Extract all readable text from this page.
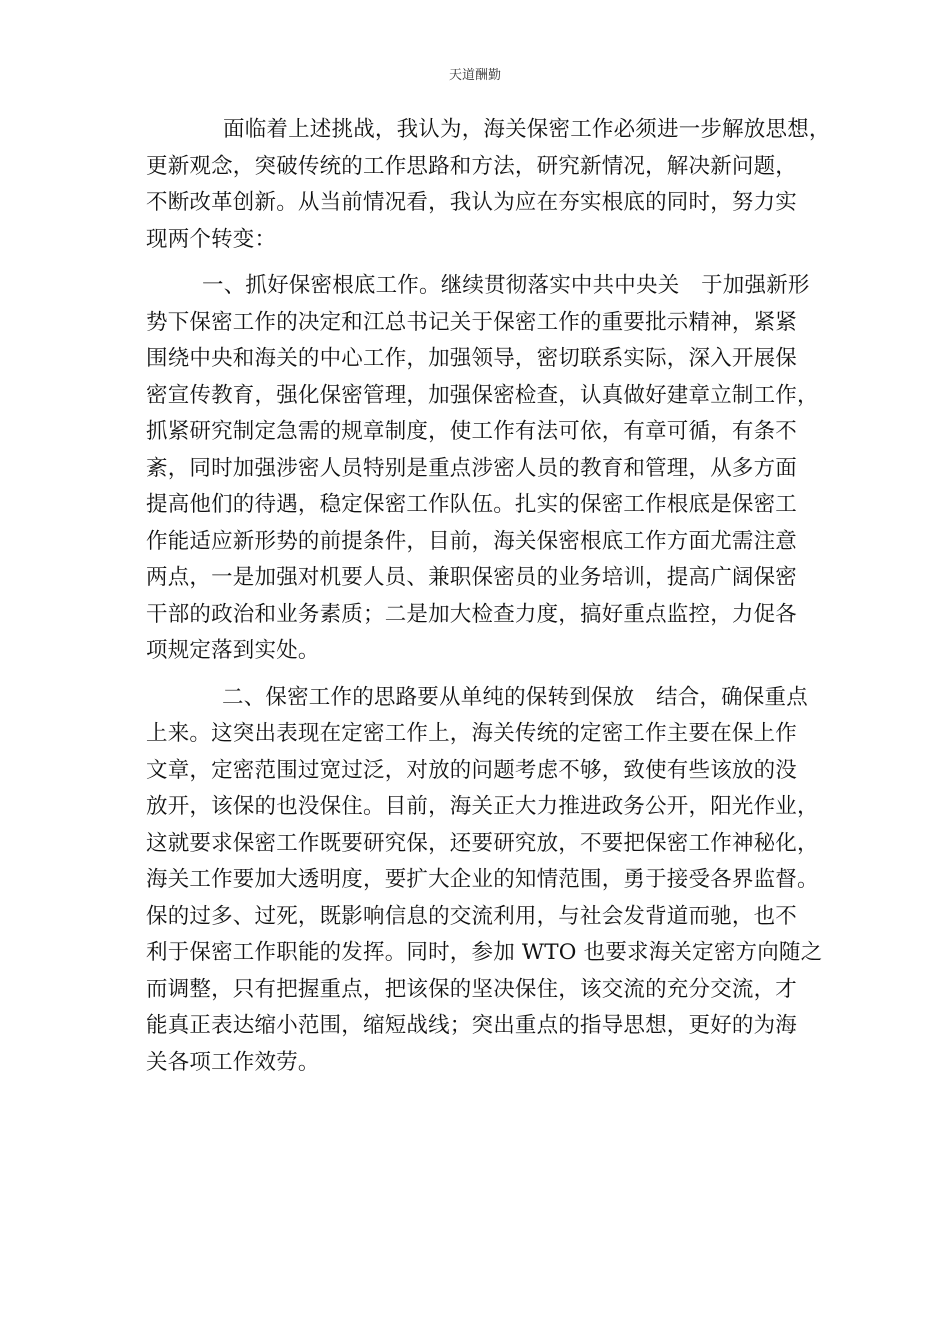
天道酬勤
面临着上述挑战，我认为，海关保密工作必须进一步解放思想，
更新观念，突破传统的工作思路和方法，研究新情况，解决新问题，
不断改革创新。从当前情况看，我认为应在夯实根底的同时，努力实
现两个转变：
一、抓好保密根底工作。继续贯彻落实中共中央关　于加强新形
势下保密工作的决定和江总书记关于保密工作的重要批示精神，紧紧
围绕中央和海关的中心工作，加强领导，密切联系实际，深入开展保
密宣传教育，强化保密管理，加强保密检查，认真做好建章立制工作，
抓紧研究制定急需的规章制度，使工作有法可依，有章可循，有条不
紊，同时加强涉密人员特别是重点涉密人员的教育和管理，从多方面
提高他们的待遇，稳定保密工作队伍。扎实的保密工作根底是保密工
作能适应新形势的前提条件，目前，海关保密根底工作方面尤需注意
两点，一是加强对机要人员、兼职保密员的业务培训，提高广阔保密
干部的政治和业务素质；二是加大检查力度，搞好重点监控，力促各
项规定落到实处。
二、保密工作的思路要从单纯的保转到保放　结合，确保重点
上来。这突出表现在定密工作上，海关传统的定密工作主要在保上作
文章，定密范围过宽过泛，对放的问题考虑不够，致使有些该放的没
放开，该保的也没保住。目前，海关正大力推进政务公开，阳光作业，
这就要求保密工作既要研究保，还要研究放，不要把保密工作神秘化，
海关工作要加大透明度，要扩大企业的知情范围，勇于接受各界监督。
保的过多、过死，既影响信息的交流利用，与社会发背道而驰，也不
利于保密工作职能的发挥。同时，参加 WTO 也要求海关定密方向随之
而调整，只有把握重点，把该保的坚决保住，该交流的充分交流，才
能真正表达缩小范围，缩短战线；突出重点的指导思想，更好的为海
关各项工作效劳。
